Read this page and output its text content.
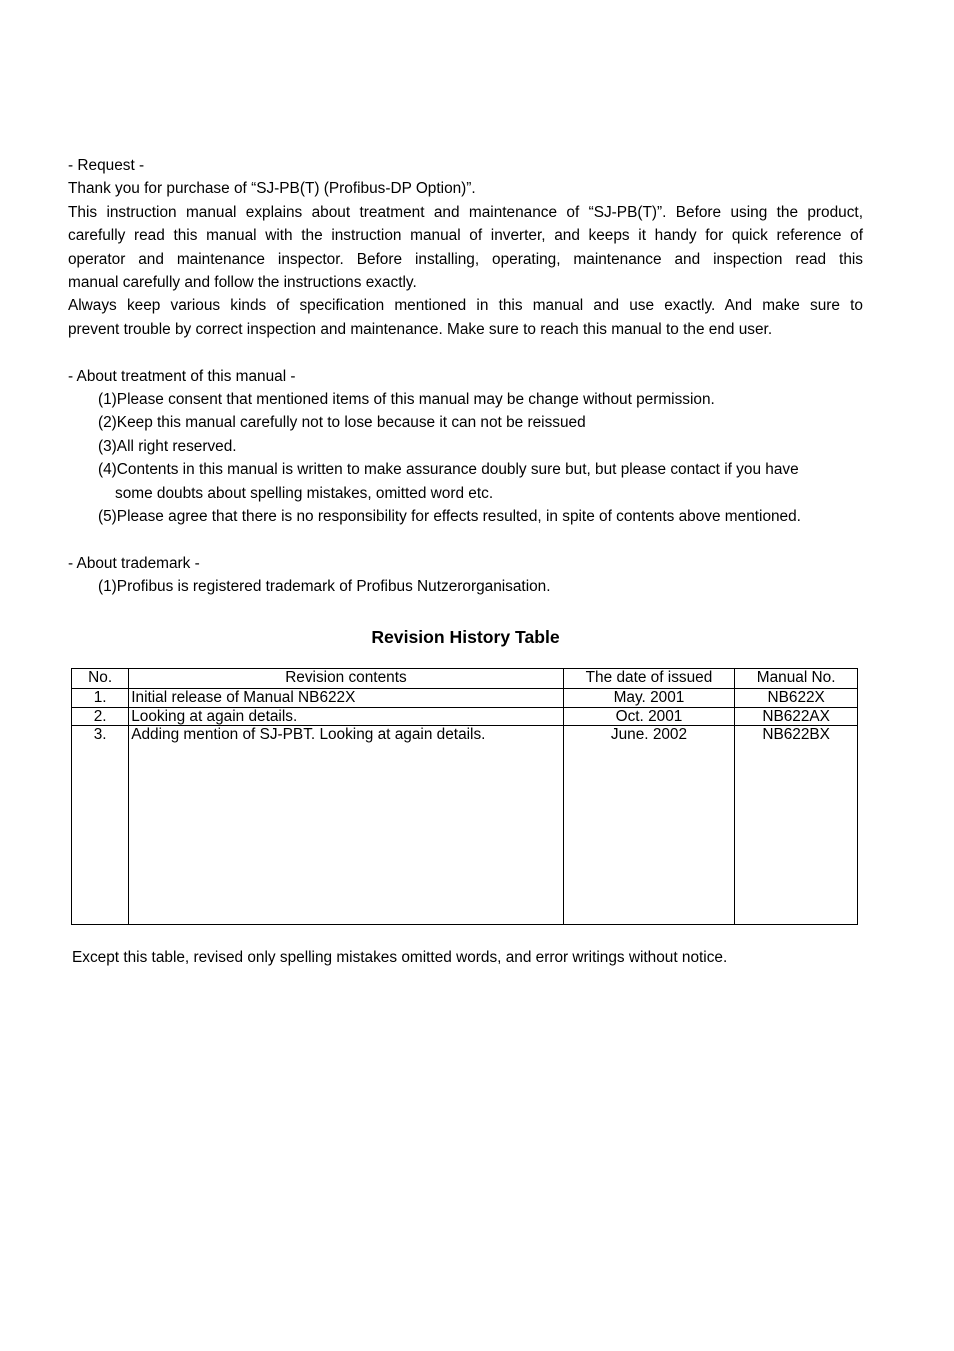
- Request -
Thank you for purchase of “SJ-PB(T) (Profibus-DP Option)”.
This instruction manual explains about treatment and maintenance of “SJ-PB(T)”. Before using the product,
carefully read this manual with the instruction manual of inverter, and keeps it handy for quick reference of
operator and maintenance inspector. Before installing, operating, maintenance and inspection read this
manual carefully and follow the instructions exactly.
Always keep various kinds of specification mentioned in this manual and use exactly. And make sure to
prevent trouble by correct inspection and maintenance. Make sure to reach this manual to the end user.
- About treatment of this manual -
(1)Please consent that mentioned items of this manual may be change without permission.
(2)Keep this manual carefully not to lose because it can not be reissued
(3)All right reserved.
(4)Contents in this manual is written to make assurance doubly sure but, but please contact if you have
some doubts about spelling mistakes, omitted word etc.
(5)Please agree that there is no responsibility for effects resulted, in spite of contents above mentioned.
- About trademark -
(1)Profibus is registered trademark of Profibus Nutzerorganisation.
Revision History Table
No.	Revision contents	The date of issued	Manual No.
1.	Initial release of Manual NB622X	May. 2001	NB622X
2.	Looking at again details.	Oct. 2001	NB622AX
3.	Adding mention of SJ-PBT. Looking at again details.	June. 2002	NB622BX
Except this table, revised only spelling mistakes omitted words, and error writings without notice.
